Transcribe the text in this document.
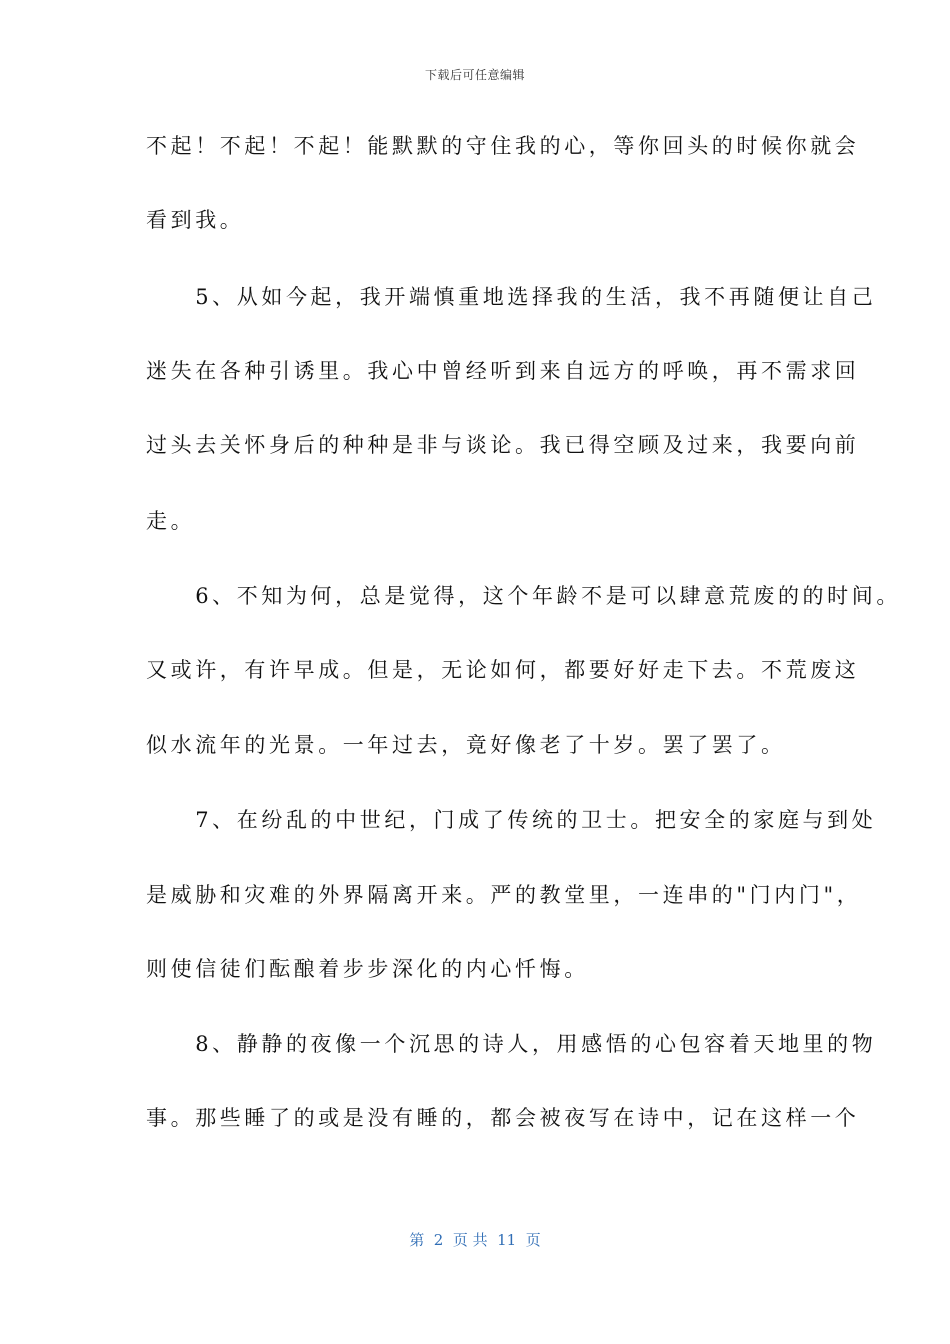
下载后可任意编辑
不起！不起！不起！能默默的守住我的心，等你回头的时候你就会
看到我。
　　5、从如今起，我开端慎重地选择我的生活，我不再随便让自己
迷失在各种引诱里。我心中曾经听到来自远方的呼唤，再不需求回
过头去关怀身后的种种是非与谈论。我已得空顾及过来，我要向前
走。
　　6、不知为何，总是觉得，这个年龄不是可以肆意荒废的的时间。
又或许，有许早成。但是，无论如何，都要好好走下去。不荒废这
似水流年的光景。一年过去，竟好像老了十岁。罢了罢了。
　　7、在纷乱的中世纪，门成了传统的卫士。把安全的家庭与到处
是威胁和灾难的外界隔离开来。严的教堂里，一连串的"门内门"，
则使信徒们酝酿着步步深化的内心忏悔。
　　8、静静的夜像一个沉思的诗人，用感悟的心包容着天地里的物
事。那些睡了的或是没有睡的，都会被夜写在诗中，记在这样一个
第  2  页 共  11  页
